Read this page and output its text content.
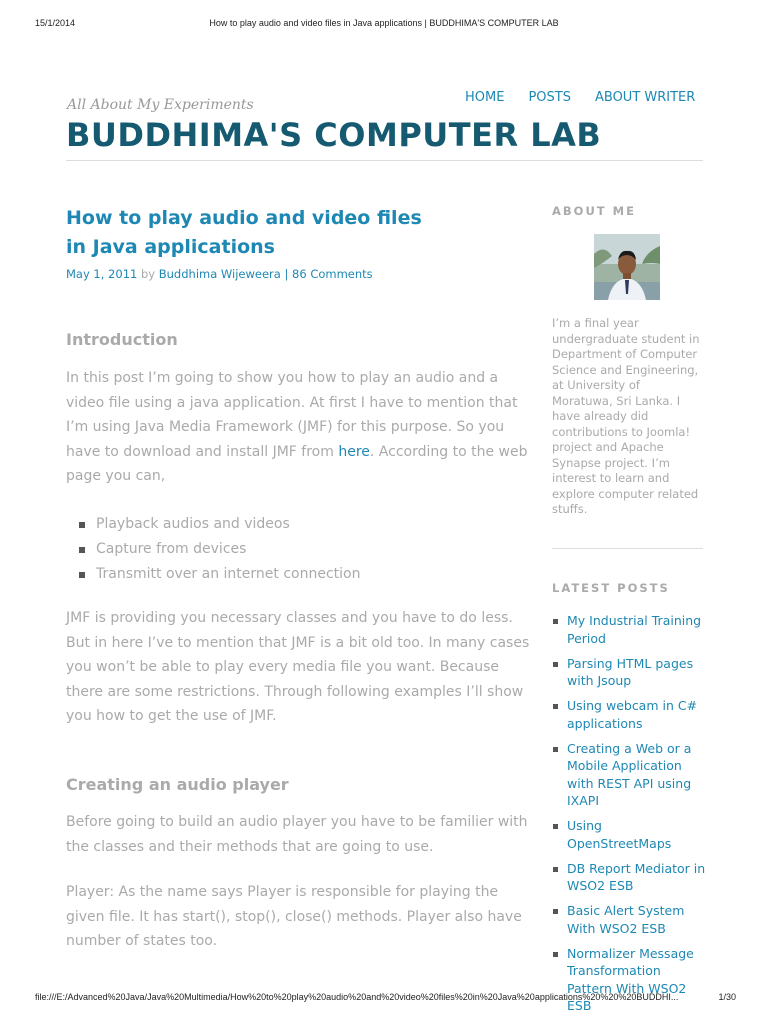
15/1/2014	How to play audio and video files in Java applications | BUDDHIMA'S COMPUTER LAB
All About My Experiments
BUDDHIMA'S COMPUTER LAB
HOME POSTS ABOUT WRITER
How to play audio and video files in Java applications
May 1, 2011 by Buddhima Wijeweera | 86 Comments
Introduction
In this post I’m going to show you how to play an audio and a video file using a java application. At first I have to mention that I’m using Java Media Framework (JMF) for this purpose. So you have to download and install JMF from here. According to the web page you can,
Playback audios and videos
Capture from devices
Transmitt over an internet connection
JMF is providing you necessary classes and you have to do less. But in here I’ve to mention that JMF is a bit old too. In many cases you won’t be able to play every media file you want. Because there are some restrictions. Through following examples I’ll show you how to get the use of JMF.
Creating an audio player
Before going to build an audio player you have to be familier with the classes and their methods that are going to use.
Player: As the name says Player is responsible for playing the given file. It has start(), stop(), close() methods. Player also have number of states too.
ABOUT ME
I’m a final year undergraduate student in Department of Computer Science and Engineering, at University of Moratuwa, Sri Lanka. I have already did contributions to Joomla! project and Apache Synapse project. I’m interest to learn and explore computer related stuffs.
LATEST POSTS
My Industrial Training Period
Parsing HTML pages with Jsoup
Using webcam in C# applications
Creating a Web or a Mobile Application with REST API using IXAPI
Using OpenStreetMaps
DB Report Mediator in WSO2 ESB
Basic Alert System With WSO2 ESB
Normalizer Message Transformation Pattern With WSO2 ESB
file:///E:/Advanced%20Java/Java%20Multimedia/How%20to%20play%20audio%20and%20video%20files%20in%20Java%20applications%20%20%20BUDDHI...	1/30
